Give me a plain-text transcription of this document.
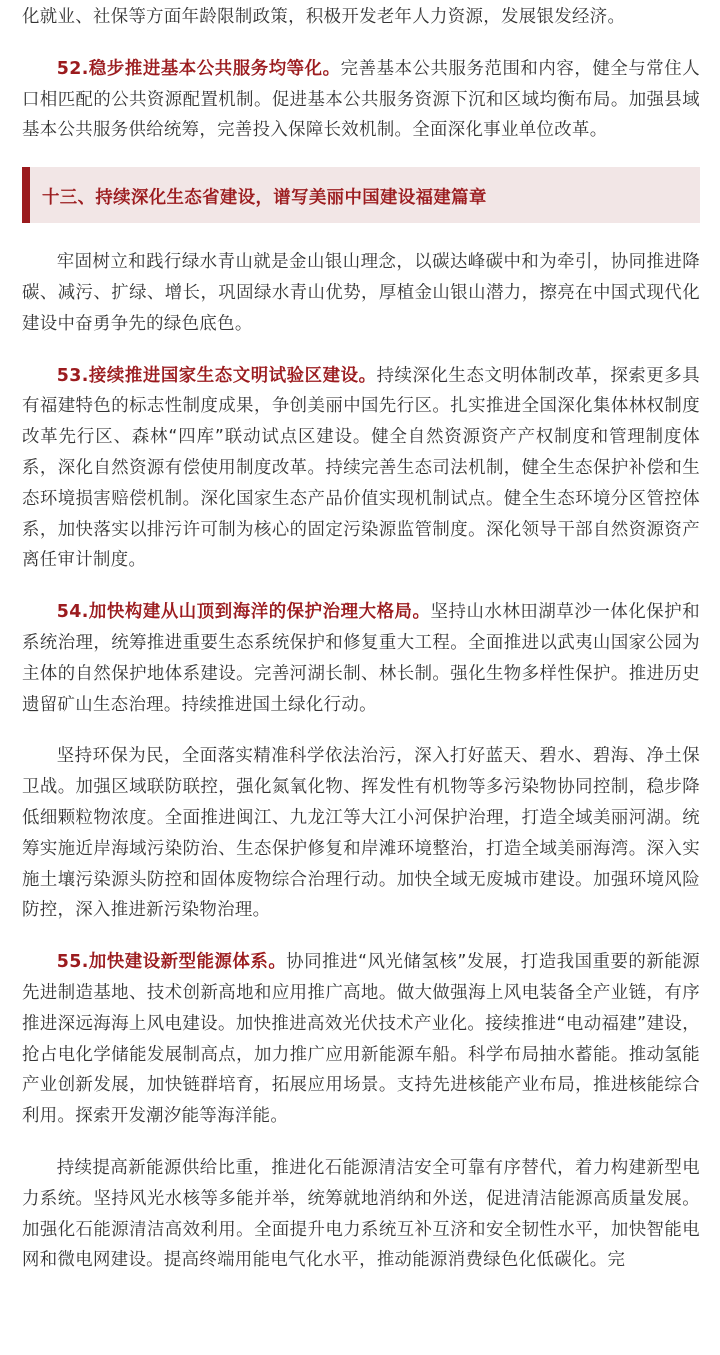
化就业、社保等方面年龄限制政策，积极开发老年人力资源，发展银发经济。

52.稳步推进基本公共服务均等化。完善基本公共服务范围和内容，健全与常住人口相匹配的公共资源配置机制。促进基本公共服务资源下沉和区域均衡布局。加强县域基本公共服务供给统筹，完善投入保障长效机制。全面深化事业单位改革。

十三、持续深化生态省建设，谱写美丽中国建设福建篇章

牢固树立和践行绿水青山就是金山银山理念，以碳达峰碳中和为牵引，协同推进降碳、减污、扩绿、增长，巩固绿水青山优势，厚植金山银山潜力，擦亮在中国式现代化建设中奋勇争先的绿色底色。

53.接续推进国家生态文明试验区建设。持续深化生态文明体制改革，探索更多具有福建特色的标志性制度成果，争创美丽中国先行区。扎实推进全国深化集体林权制度改革先行区、森林“四库”联动试点区建设。健全自然资源资产产权制度和管理制度体系，深化自然资源有偿使用制度改革。持续完善生态司法机制，健全生态保护补偿和生态环境损害赔偿机制。深化国家生态产品价值实现机制试点。健全生态环境分区管控体系，加快落实以排污许可制为核心的固定污染源监管制度。深化领导干部自然资源资产离任审计制度。

54.加快构建从山顶到海洋的保护治理大格局。坚持山水林田湖草沙一体化保护和系统治理，统筹推进重要生态系统保护和修复重大工程。全面推进以武夷山国家公园为主体的自然保护地体系建设。完善河湖长制、林长制。强化生物多样性保护。推进历史遗留矿山生态治理。持续推进国土绿化行动。

坚持环保为民，全面落实精准科学依法治污，深入打好蓝天、碧水、碧海、净土保卫战。加强区域联防联控，强化氮氧化物、挥发性有机物等多污染物协同控制，稳步降低细颗粒物浓度。全面推进闽江、九龙江等大江小河保护治理，打造全域美丽河湖。统筹实施近岸海域污染防治、生态保护修复和岸滩环境整治，打造全域美丽海湾。深入实施土壤污染源头防控和固体废物综合治理行动。加快全域无废城市建设。加强环境风险防控，深入推进新污染物治理。

55.加快建设新型能源体系。协同推进“风光储氢核”发展，打造我国重要的新能源先进制造基地、技术创新高地和应用推广高地。做大做强海上风电装备全产业链，有序推进深远海海上风电建设。加快推进高效光伏技术产业化。接续推进“电动福建”建设，抢占电化学储能发展制高点，加力推广应用新能源车船。科学布局抽水蓄能。推动氢能产业创新发展，加快链群培育，拓展应用场景。支持先进核能产业布局，推进核能综合利用。探索开发潮汐能等海洋能。

持续提高新能源供给比重，推进化石能源清洁安全可靠有序替代，着力构建新型电力系统。坚持风光水核等多能并举，统筹就地消纳和外送，促进清洁能源高质量发展。加强化石能源清洁高效利用。全面提升电力系统互补互济和安全韧性水平，加快智能电网和微电网建设。提高终端用能电气化水平，推动能源消费绿色化低碳化。完
